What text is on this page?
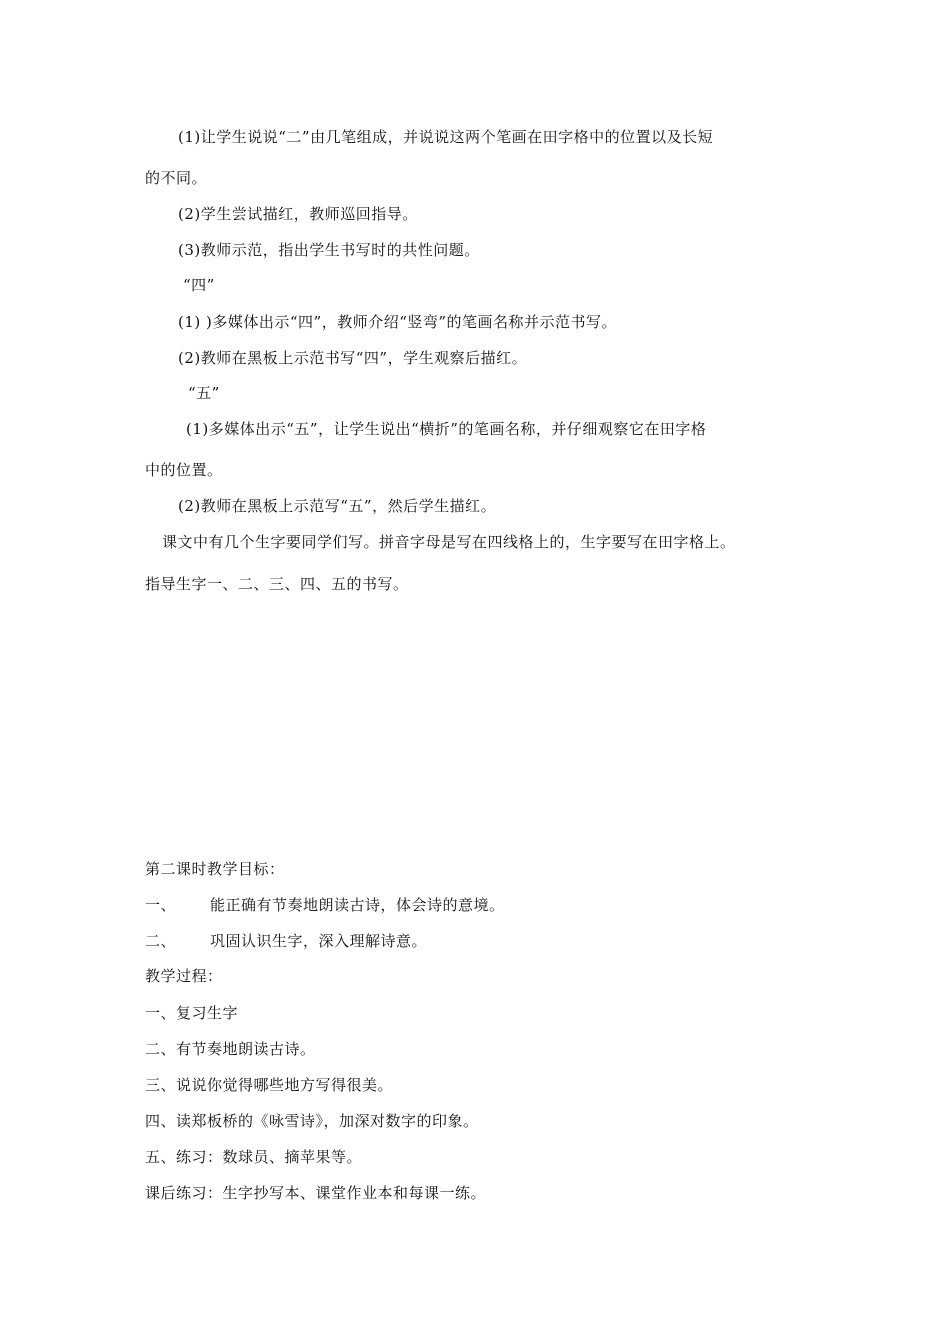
(1)让学生说说“二”由几笔组成，并说说这两个笔画在田字格中的位置以及长短
的不同。
(2)学生尝试描红，教师巡回指导。
(3)教师示范，指出学生书写时的共性问题。
“四”
(1) )多媒体出示“四”，教师介绍“竖弯”的笔画名称并示范书写。
(2)教师在黑板上示范书写“四”，学生观察后描红。
“五”
(1)多媒体出示“五”，让学生说出“横折”的笔画名称，并仔细观察它在田字格
中的位置。
(2)教师在黑板上示范写“五”，然后学生描红。
课文中有几个生字要同学们写。拼音字母是写在四线格上的，生字要写在田字格上。
指导生字一、二、三、四、五的书写。
第二课时教学目标：
一、 能正确有节奏地朗读古诗，体会诗的意境。
二、 巩固认识生字，深入理解诗意。
教学过程：
一、复习生字
二、有节奏地朗读古诗。
三、说说你觉得哪些地方写得很美。
四、读郑板桥的《咏雪诗》，加深对数字的印象。
五、练习：数球员、摘苹果等。
课后练习：生字抄写本、课堂作业本和每课一练。
